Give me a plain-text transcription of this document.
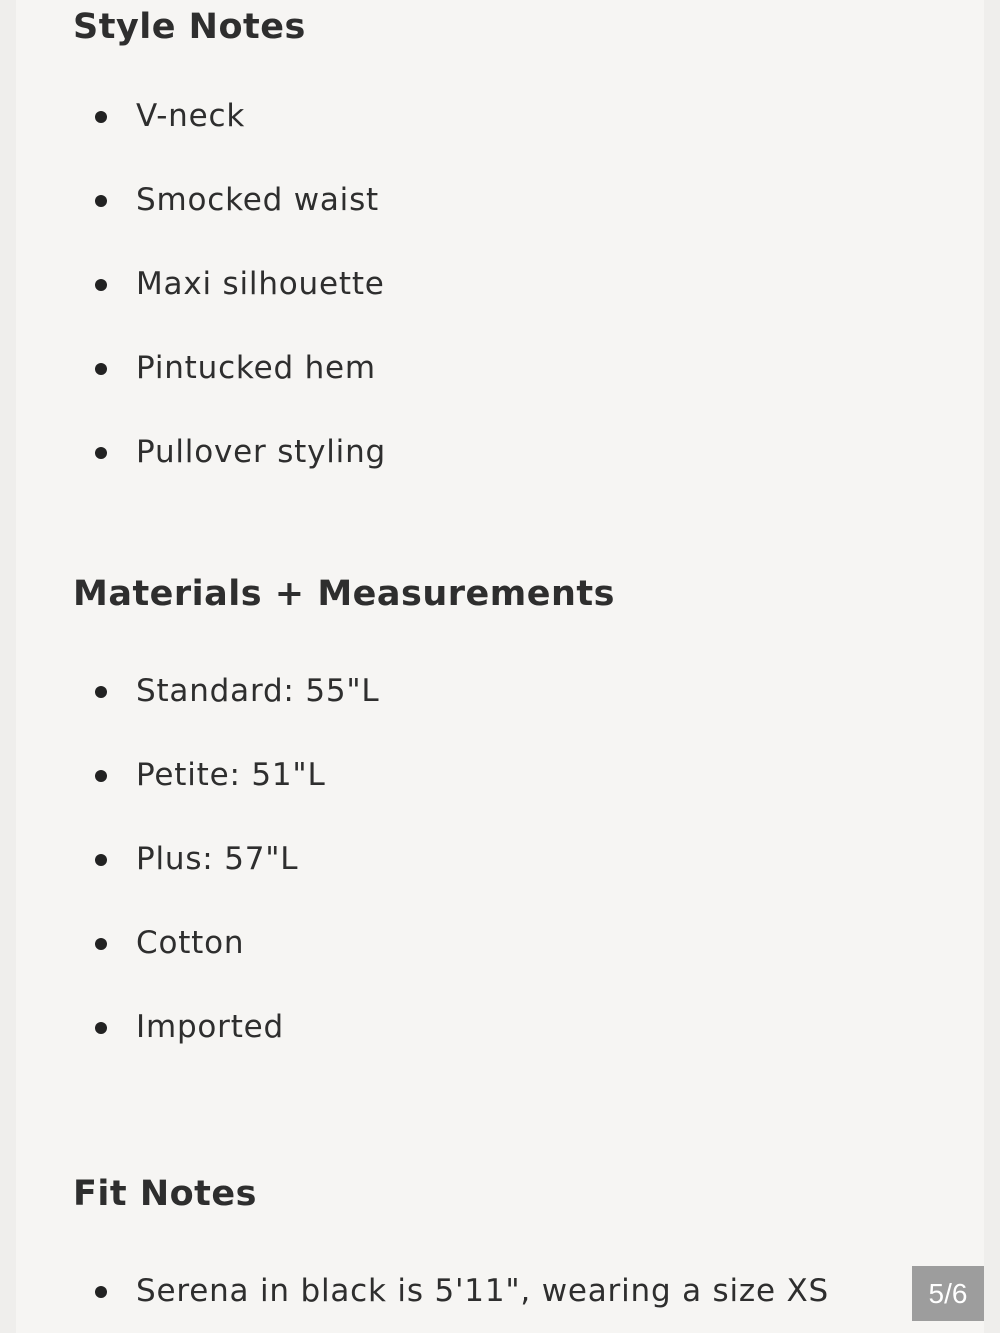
Style Notes
V-neck
Smocked waist
Maxi silhouette
Pintucked hem
Pullover styling
Materials + Measurements
Standard: 55"L
Petite: 51"L
Plus: 57"L
Cotton
Imported
Fit Notes
Serena in black is 5'11", wearing a size XS	5/6
